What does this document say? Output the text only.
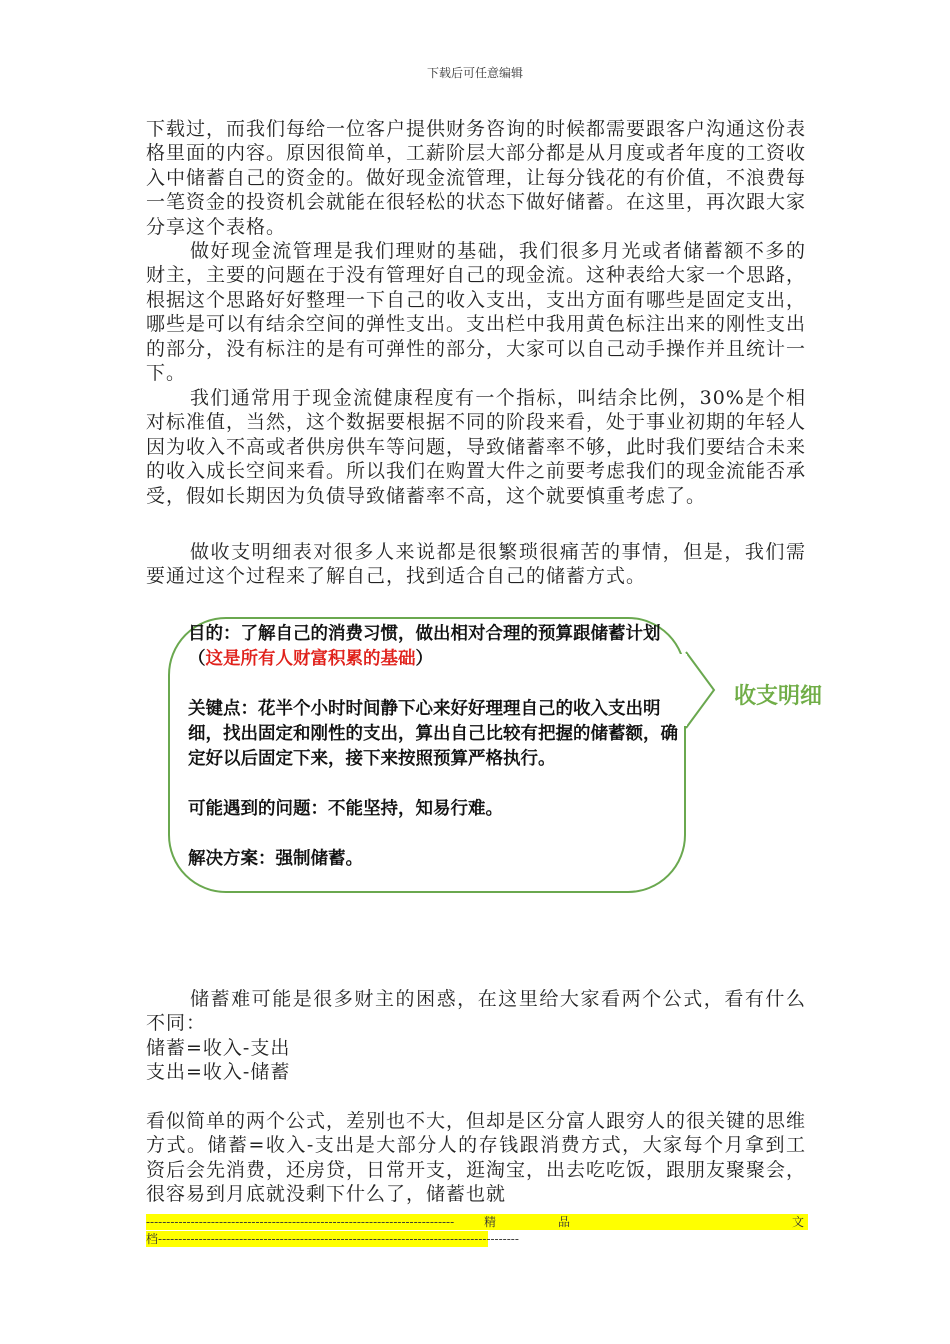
下载后可任意编辑

下载过，而我们每给一位客户提供财务咨询的时候都需要跟客户沟通这份表格里面的内容。原因很简单，工薪阶层大部分都是从月度或者年度的工资收入中储蓄自己的资金的。做好现金流管理，让每分钱花的有价值，不浪费每一笔资金的投资机会就能在很轻松的状态下做好储蓄。在这里，再次跟大家分享这个表格。

做好现金流管理是我们理财的基础，我们很多月光或者储蓄额不多的财主，主要的问题在于没有管理好自己的现金流。这种表给大家一个思路，根据这个思路好好整理一下自己的收入支出，支出方面有哪些是固定支出，哪些是可以有结余空间的弹性支出。支出栏中我用黄色标注出来的刚性支出的部分，没有标注的是有可弹性的部分，大家可以自己动手操作并且统计一下。

我们通常用于现金流健康程度有一个指标，叫结余比例，30%是个相对标准值，当然，这个数据要根据不同的阶段来看，处于事业初期的年轻人因为收入不高或者供房供车等问题，导致储蓄率不够，此时我们要结合未来的收入成长空间来看。所以我们在购置大件之前要考虑我们的现金流能否承受，假如长期因为负债导致储蓄率不高，这个就要慎重考虑了。

做收支明细表对很多人来说都是很繁琐很痛苦的事情，但是，我们需要通过这个过程来了解自己，找到适合自己的储蓄方式。

目的：了解自己的消费习惯，做出相对合理的预算跟储蓄计划（这是所有人财富积累的基础）

关键点：花半个小时时间静下心来好好理理自己的收入支出明细，找出固定和刚性的支出，算出自己比较有把握的储蓄额，确定好以后固定下来，接下来按照预算严格执行。

可能遇到的问题：不能坚持，知易行难。

解决方案：强制储蓄。

收支明细

储蓄难可能是很多财主的困惑，在这里给大家看两个公式，看有什么不同：

储蓄=收入-支出
支出=收入-储蓄

看似简单的两个公式，差别也不大，但却是区分富人跟穷人的很关键的思维方式。储蓄=收入-支出是大部分人的存钱跟消费方式，大家每个月拿到工资后会先消费，还房贷，日常开支，逛淘宝，出去吃吃饭，跟朋友聚聚会，很容易到月底就没剩下什么了，储蓄也就

---------------------------------------------------------------------------- 精	品	文
档-----------------------------------------------------------------------------------------
